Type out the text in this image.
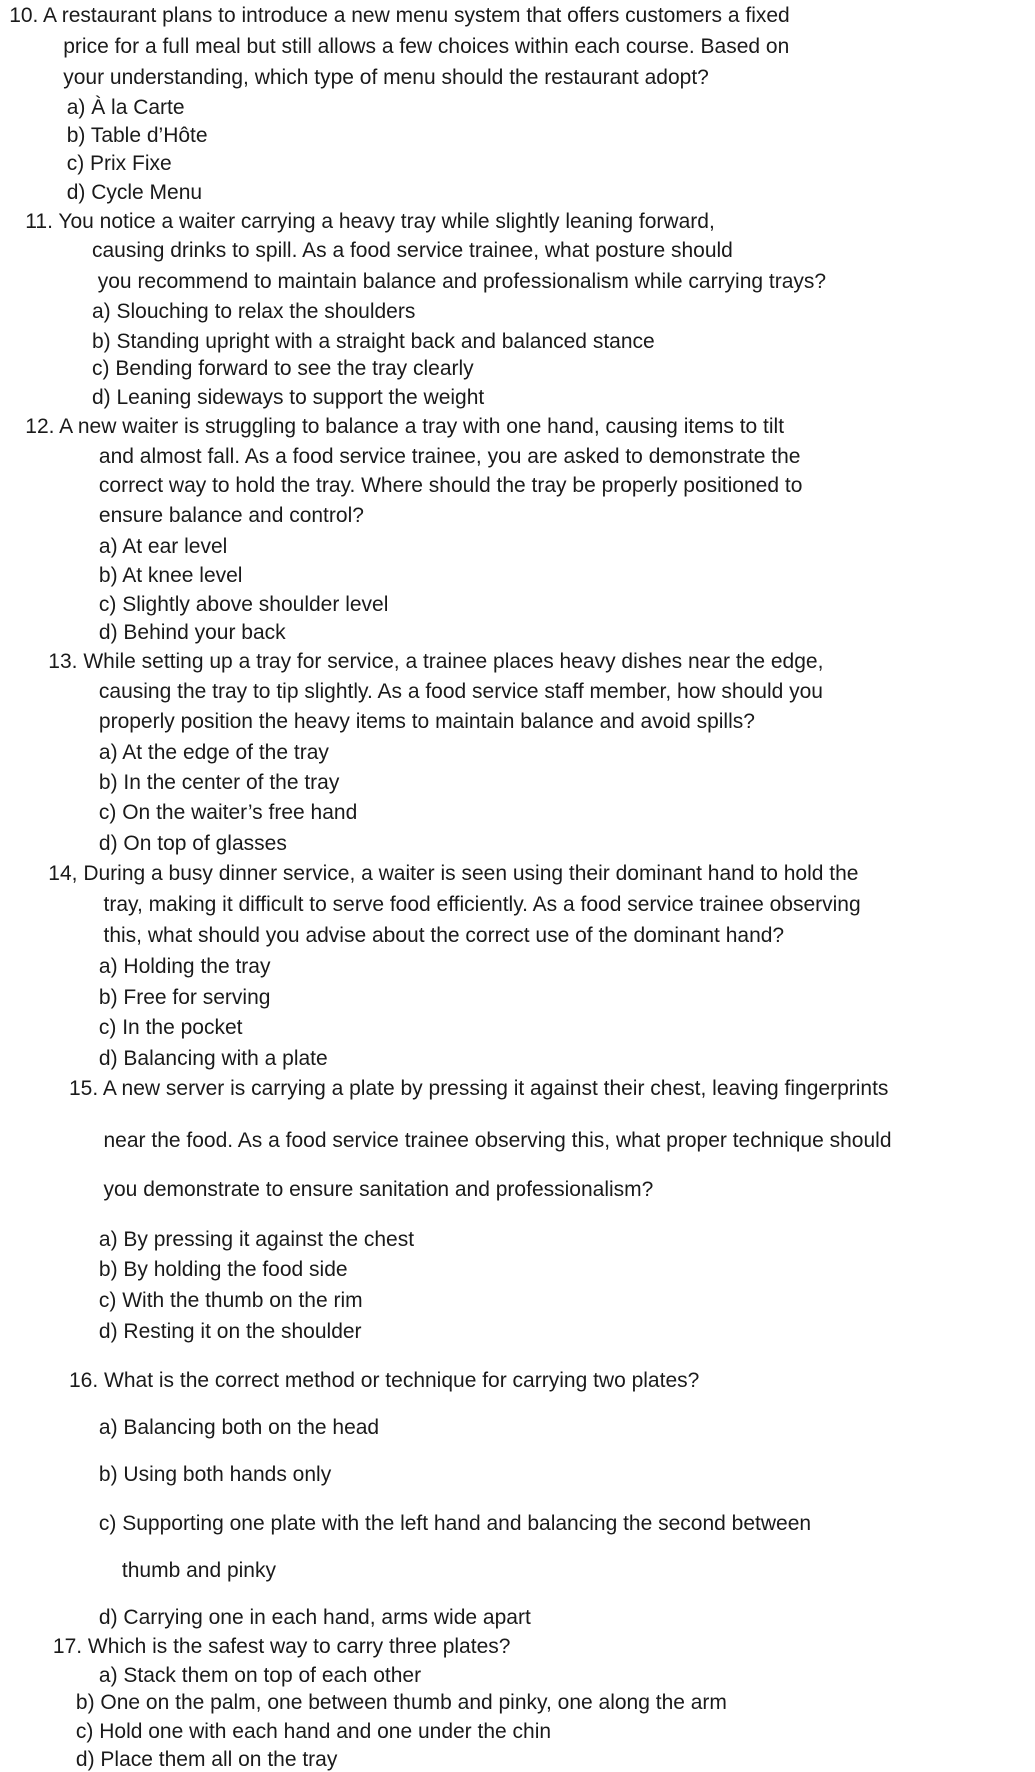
10. A restaurant plans to introduce a new menu system that offers customers a fixed
price for a full meal but still allows a few choices within each course. Based on
your understanding, which type of menu should the restaurant adopt?
a) À la Carte
b) Table d’Hôte
c) Prix Fixe
d) Cycle Menu
11. You notice a waiter carrying a heavy tray while slightly leaning forward,
causing drinks to spill. As a food service trainee, what posture should
you recommend to maintain balance and professionalism while carrying trays?
a) Slouching to relax the shoulders
b) Standing upright with a straight back and balanced stance
c) Bending forward to see the tray clearly
d) Leaning sideways to support the weight
12. A new waiter is struggling to balance a tray with one hand, causing items to tilt
and almost fall. As a food service trainee, you are asked to demonstrate the
correct way to hold the tray. Where should the tray be properly positioned to
ensure balance and control?
a) At ear level
b) At knee level
c) Slightly above shoulder level
d) Behind your back
13. While setting up a tray for service, a trainee places heavy dishes near the edge,
causing the tray to tip slightly. As a food service staff member, how should you
properly position the heavy items to maintain balance and avoid spills?
a) At the edge of the tray
b) In the center of the tray
c) On the waiter’s free hand
d) On top of glasses
14, During a busy dinner service, a waiter is seen using their dominant hand to hold the
tray, making it difficult to serve food efficiently. As a food service trainee observing
this, what should you advise about the correct use of the dominant hand?
a) Holding the tray
b) Free for serving
c) In the pocket
d) Balancing with a plate
15. A new server is carrying a plate by pressing it against their chest, leaving fingerprints
near the food. As a food service trainee observing this, what proper technique should
you demonstrate to ensure sanitation and professionalism?
a) By pressing it against the chest
b) By holding the food side
c) With the thumb on the rim
d) Resting it on the shoulder
16. What is the correct method or technique for carrying two plates?
a) Balancing both on the head
b) Using both hands only
c) Supporting one plate with the left hand and balancing the second between
thumb and pinky
d) Carrying one in each hand, arms wide apart
17. Which is the safest way to carry three plates?
a) Stack them on top of each other
b) One on the palm, one between thumb and pinky, one along the arm
c) Hold one with each hand and one under the chin
d) Place them all on the tray
